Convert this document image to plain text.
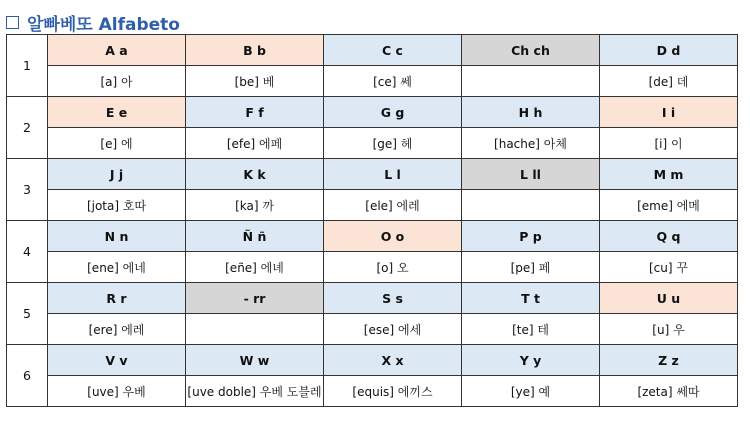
알빠베또 Alfabeto
1	A a	B b	C c	Ch ch	D d
	[a] 아	[be] 베	[ce] 쎄		[de] 데
2	E e	F f	G g	H h	I i
	[e] 에	[efe] 에페	[ge] 헤	[hache] 아체	[i] 이
3	J j	K k	L l	L ll	M m
	[jota] 호따	[ka] 까	[ele] 에레		[eme] 에메
4	N n	Ñ ñ	O o	P p	Q q
	[ene] 에네	[eñe] 에녜	[o] 오	[pe] 페	[cu] 꾸
5	R r	- rr	S s	T t	U u
	[ere] 에레		[ese] 에세	[te] 테	[u] 우
6	V v	W w	X x	Y y	Z z
	[uve] 우베	[uve doble] 우베 도블레	[equis] 에끼스	[ye] 예	[zeta] 쎄따
